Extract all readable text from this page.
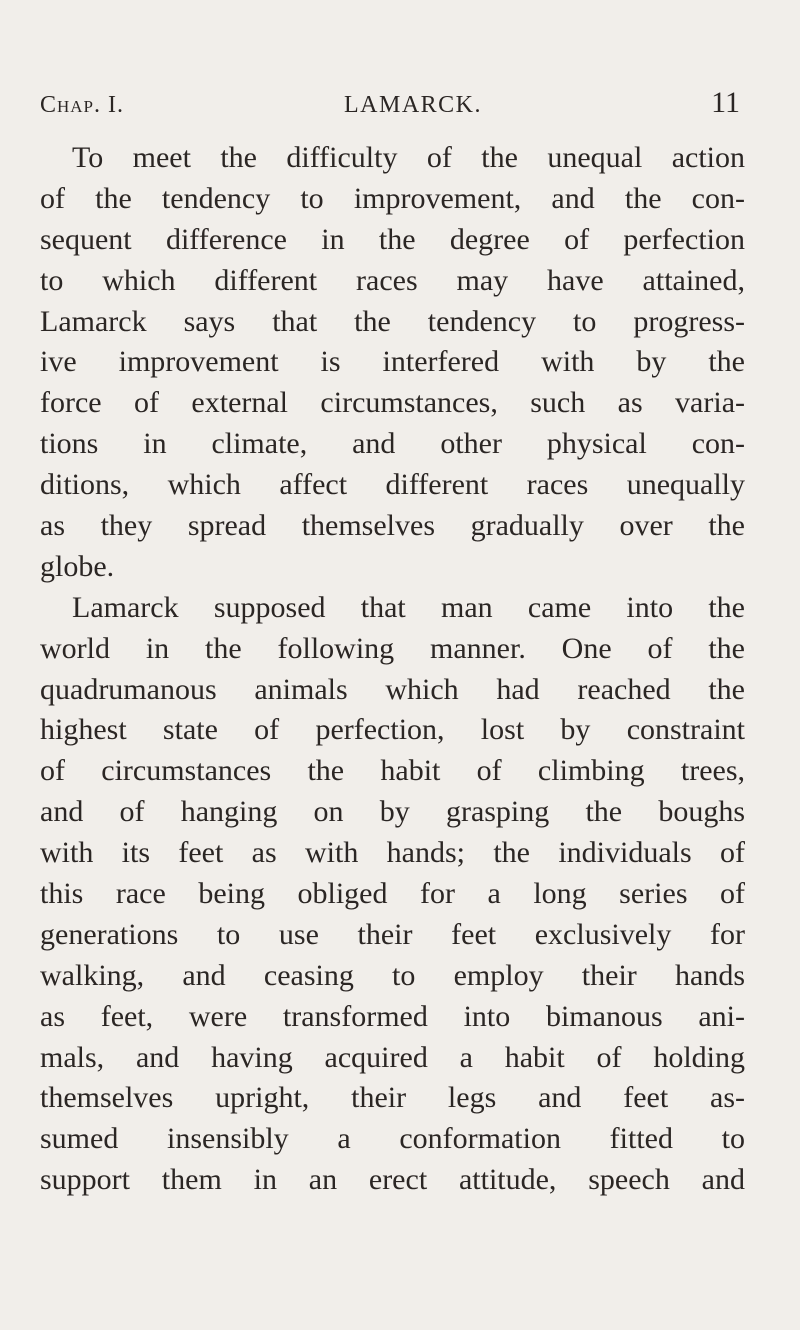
Chap. I.	LAMARCK.	11
To meet the difficulty of the unequal action
of the tendency to improvement, and the con-
sequent difference in the degree of perfection
to which different races may have attained,
Lamarck says that the tendency to progress-
ive improvement is interfered with by the
force of external circumstances, such as varia-
tions in climate, and other physical con-
ditions, which affect different races unequally
as they spread themselves gradually over the
globe.
Lamarck supposed that man came into the
world in the following manner. One of the
quadrumanous animals which had reached the
highest state of perfection, lost by constraint
of circumstances the habit of climbing trees,
and of hanging on by grasping the boughs
with its feet as with hands; the individuals of
this race being obliged for a long series of
generations to use their feet exclusively for
walking, and ceasing to employ their hands
as feet, were transformed into bimanous ani-
mals, and having acquired a habit of holding
themselves upright, their legs and feet as-
sumed insensibly a conformation fitted to
support them in an erect attitude, speech and
